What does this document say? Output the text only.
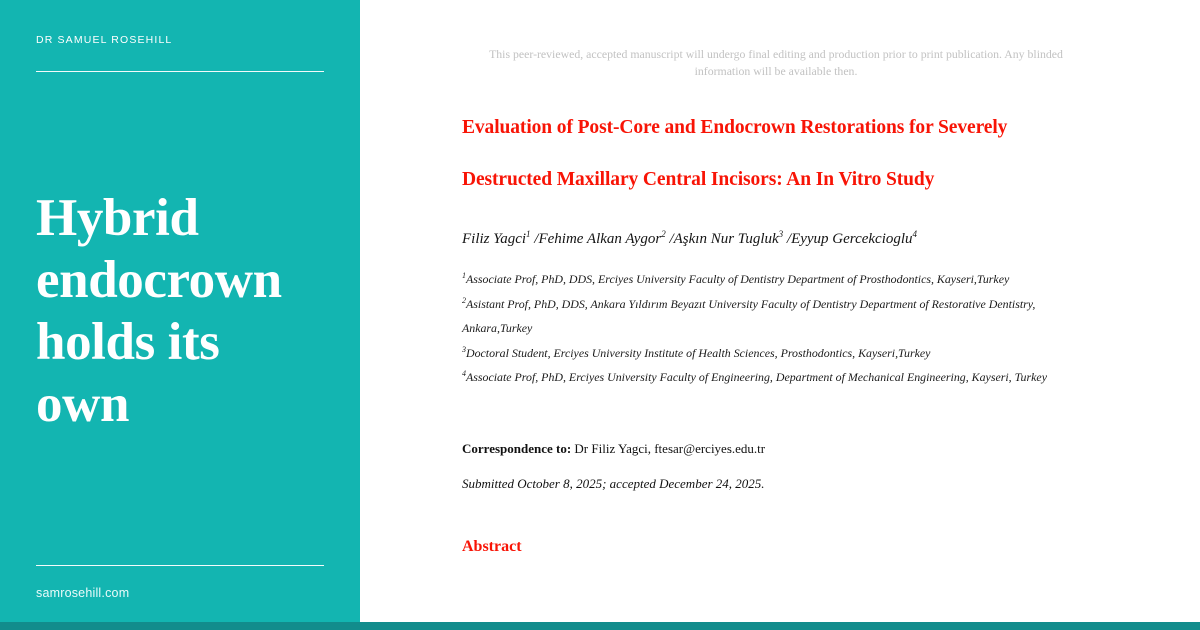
DR SAMUEL ROSEHILL
Hybrid endocrown holds its own
samrosehill.com

This peer-reviewed, accepted manuscript will undergo final editing and production prior to print publication. Any blinded information will be available then.

Evaluation of Post-Core and Endocrown Restorations for Severely Destructed Maxillary Central Incisors: An In Vitro Study

Filiz Yagci$^1$ /Fehime Alkan Aygor$^2$ /Aşkın Nur Tugluk$^3$ /Eyyup Gercekcioglu$^4$

$^1$Associate Prof, PhD, DDS, Erciyes University Faculty of Dentistry Department of Prosthodontics, Kayseri,Turkey

$^2$Asistant Prof, PhD, DDS, Ankara Yıldırım Beyazıt University Faculty of Dentistry Department of Restorative Dentistry, Ankara,Turkey

$^3$Doctoral Student, Erciyes University Institute of Health Sciences, Prosthodontics, Kayseri,Turkey

$^4$Associate Prof, PhD, Erciyes University Faculty of Engineering, Department of Mechanical Engineering, Kayseri, Turkey

Correspondence to: Dr Filiz Yagci, ftesar@erciyes.edu.tr

Submitted October 8, 2025; accepted December 24, 2025.

Abstract
